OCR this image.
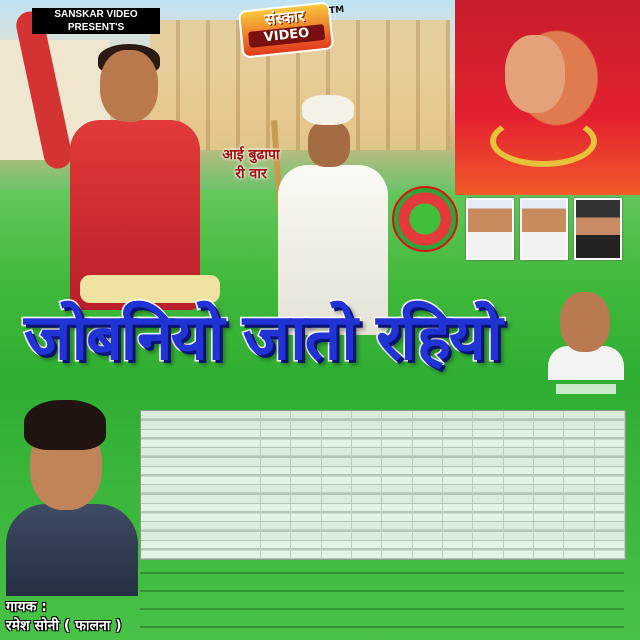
SANSKAR VIDEO
PRESENT'S	संस्कार
VIDEO
TM
आई बुढापा
री वार
जोबनियो जातो रहियो
गायक :
रमेश सोनी ( फालना )
